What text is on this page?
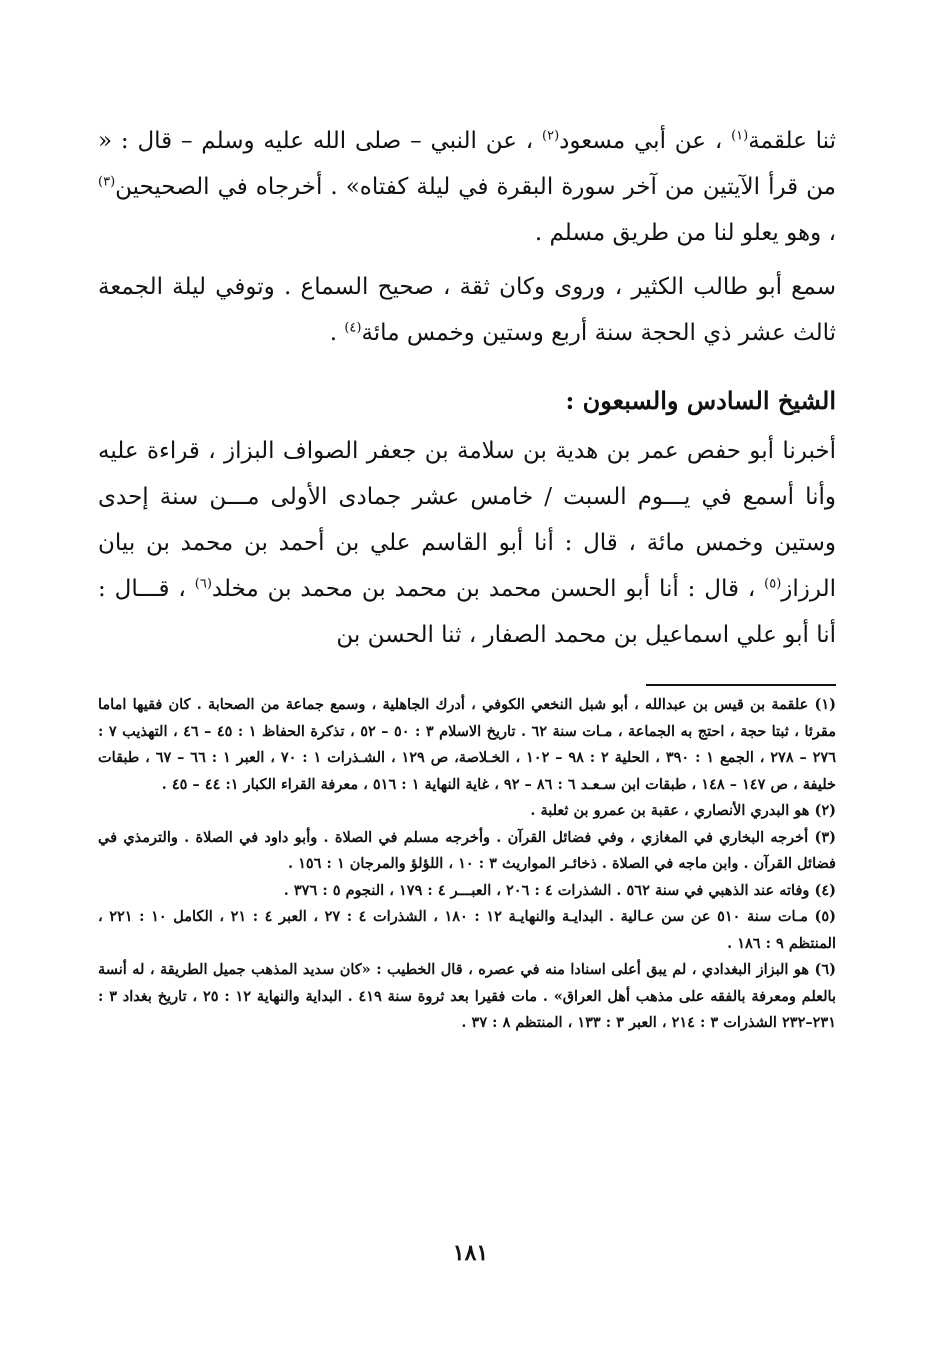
ثنا علقمة$^{(١)}$ ، عن أبي مسعود$^{(٢)}$ ، عن النبي – صلى الله عليه وسلم – قال : « من قرأ الآيتين من آخر سورة البقرة في ليلة كفتاه» . أخرجاه في الصحيحين$^{(٣)}$ ، وهو يعلو لنا من طريق مسلم .

سمع أبو طالب الكثير ، وروى وكان ثقة ، صحيح السماع . وتوفي ليلة الجمعة ثالث عشر ذي الحجة سنة أربع وستين وخمس مائة$^{(٤)}$ .

الشيخ السادس والسبعون :

أخبرنا أبو حفص عمر بن هدية بن سلامة بن جعفر الصواف البزاز ، قراءة عليه وأنا أسمع في يـــوم السبت / خامس عشر جمادى الأولى مـــن سنة إحدى وستين وخمس مائة ، قال : أنا أبو القاسم علي بن أحمد بن محمد بن بيان الرزاز$^{(٥)}$ ، قال : أنا أبو الحسن محمد بن محمد بن محمد بن مخلد$^{(٦)}$ ، قـــال : أنا أبو علي اسماعيل بن محمد الصفار ، ثنا الحسن بن

(١) علقمة بن قيس بن عبدالله ، أبو شبل النخعي الكوفي ، أدرك الجاهلية ، وسمع جماعة من الصحابة . كان فقيها اماما مقرئا ، ثبتا حجة ، احتج به الجماعة ، مـات سنة ٦٢ . تاريخ الاسلام ٣ : ٥٠ – ٥٢ ، تذكرة الحفاظ ١ : ٤٥ – ٤٦ ، التهذيب ٧ : ٢٧٦ – ٢٧٨ ، الجمع ١ : ٣٩٠ ، الحلية ٢ : ٩٨ – ١٠٢ ، الخـلاصة، ص ١٢٩ ، الشـذرات ١ : ٧٠ ، العبر ١ : ٦٦ – ٦٧ ، طبقات خليفة ، ص ١٤٧ – ١٤٨ ، طبقات ابن سـعـد ٦ : ٨٦ – ٩٢ ، غاية النهاية ١ : ٥١٦ ، معرفة القراء الكبار ١: ٤٤ – ٤٥ .

(٢) هو البدري الأنصاري ، عقبة بن عمرو بن ثعلبة .

(٣) أخرجه البخاري في المغازي ، وفي فضائل القرآن . وأخرجه مسلم في الصلاة . وأبو داود في الصلاة . والترمذي في فضائل القرآن . وابن ماجه في الصلاة . ذخائـر المواريث ٣ : ١٠ ، اللؤلؤ والمرجان ١ : ١٥٦ .

(٤) وفاته عند الذهبي في سنة ٥٦٢ . الشذرات ٤ : ٢٠٦ ، العبـــر ٤ : ١٧٩ ، النجوم ٥ : ٣٧٦ .

(٥) مـات سنة ٥١٠ عن سن عـالية . البدايـة والنهايـة ١٢ : ١٨٠ ، الشذرات ٤ : ٢٧ ، العبر ٤ : ٢١ ، الكامل ١٠ : ٢٢١ ، المنتظم ٩ : ١٨٦ .

(٦) هو البزاز البغدادي ، لم يبق أعلى اسنادا منه في عصره ، قال الخطيب : «كان سديد المذهب جميل الطريقة ، له أنسة بالعلم ومعرفة بالفقه على مذهب أهل العراق» . مات فقيرا بعد ثروة سنة ٤١٩ . البداية والنهاية ١٢ : ٢٥ ، تاريخ بغداد ٣ : ٢٣١–٢٣٢ الشذرات ٣ : ٢١٤ ، العبر ٣ : ١٣٣ ، المنتظم ٨ : ٣٧ .

١٨١
